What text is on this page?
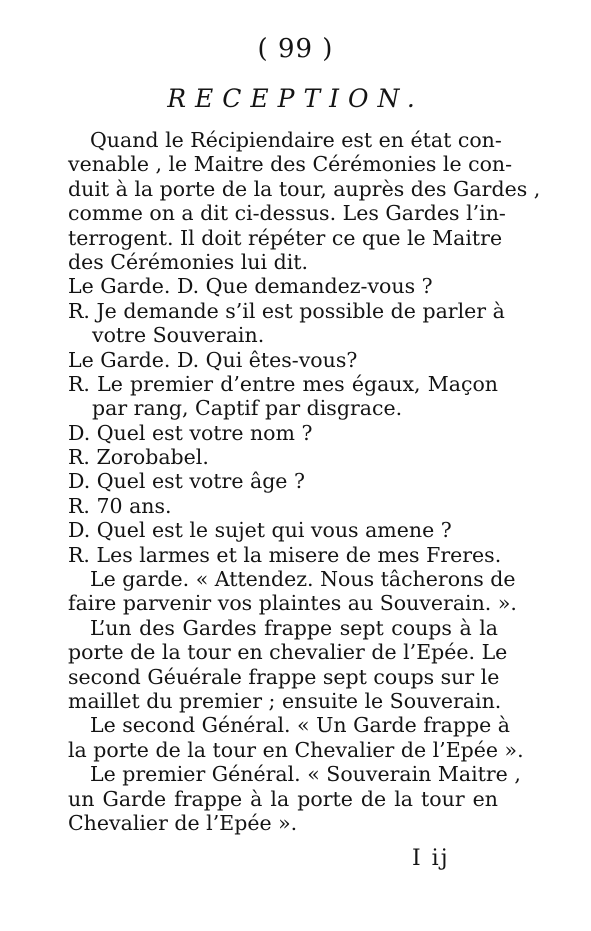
( 99 )
RECEPTION.
Quand le Récipiendaire est en état con-
venable , le Maitre des Cérémonies le con-
duit à la porte de la tour, auprès des Gardes ,
comme on a dit ci-dessus. Les Gardes l’in-
terrogent. Il doit répéter ce que le Maitre
des Cérémonies lui dit.
Le Garde. D. Que demandez-vous ?
R. Je demande s’il est possible de parler à
votre Souverain.
Le Garde. D. Qui êtes-vous?
R. Le premier d’entre mes égaux, Maçon
par rang, Captif par disgrace.
D. Quel est votre nom ?
R. Zorobabel.
D. Quel est votre âge ?
R. 70 ans.
D. Quel est le sujet qui vous amene ?
R. Les larmes et la misere de mes Freres.
Le garde. « Attendez. Nous tâcherons de
faire parvenir vos plaintes au Souverain. ».
L’un des Gardes frappe sept coups à la
porte de la tour en chevalier de l’Epée. Le
second Géuérale frappe sept coups sur le
maillet du premier ; ensuite le Souverain.
Le second Général. « Un Garde frappe à
la porte de la tour en Chevalier de l’Epée ».
Le premier Général. « Souverain Maitre ,
un Garde frappe à la porte de la tour en
Chevalier de l’Epée ».
I ij
